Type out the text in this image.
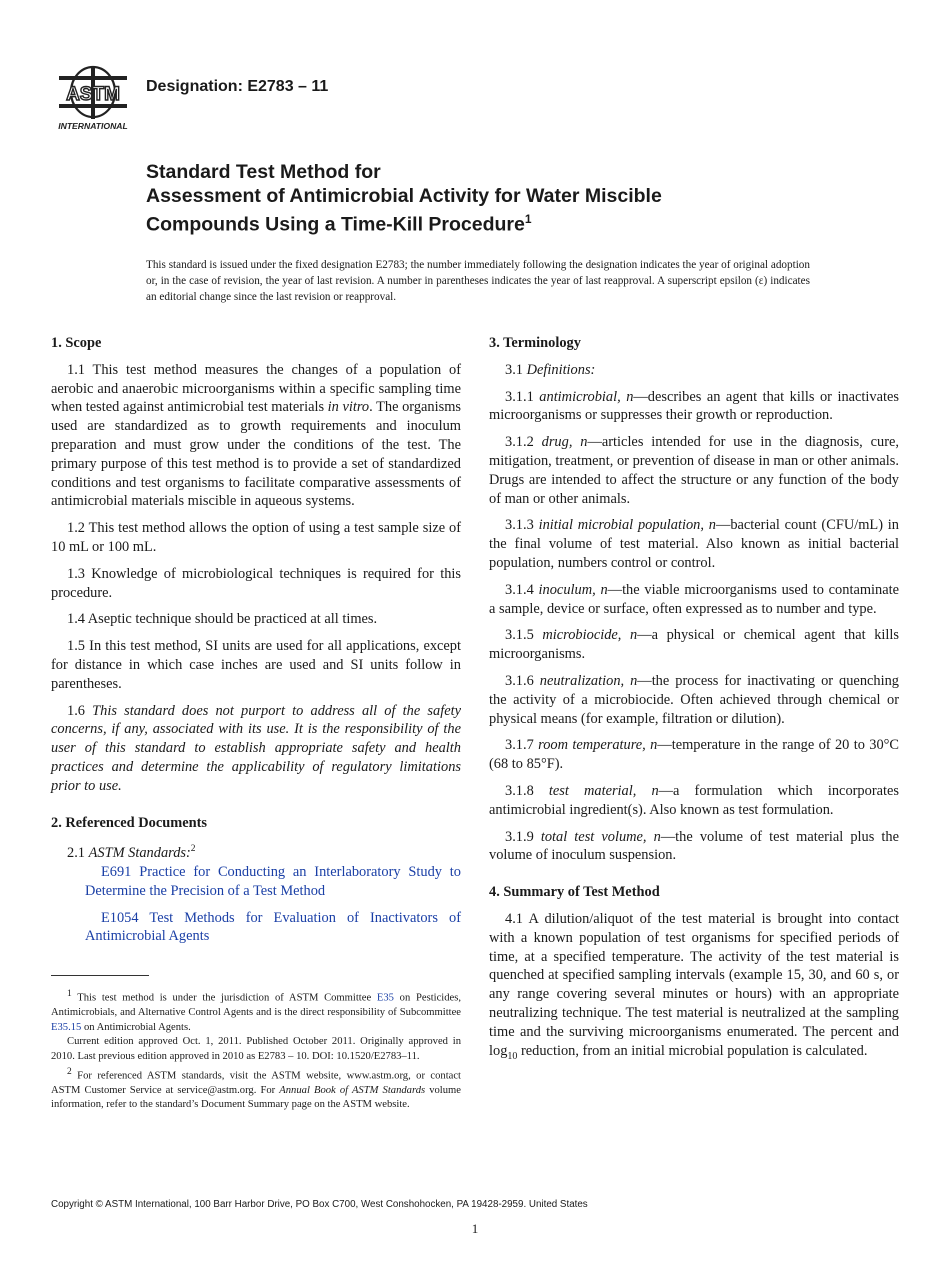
ASTM
INTERNATIONAL
Designation: E2783 – 11
Standard Test Method for
Assessment of Antimicrobial Activity for Water Miscible
Compounds Using a Time-Kill Procedure$^1$
This standard is issued under the fixed designation E2783; the number immediately following the designation indicates the year of original adoption or, in the case of revision, the year of last revision. A number in parentheses indicates the year of last reapproval. A superscript epsilon (ε) indicates an editorial change since the last revision or reapproval.
1. Scope

1.1 This test method measures the changes of a population of aerobic and anaerobic microorganisms within a specific sampling time when tested against antimicrobial test materials in vitro. The organisms used are standardized as to growth requirements and inoculum preparation and must grow under the conditions of the test. The primary purpose of this test method is to provide a set of standardized conditions and test organisms to facilitate comparative assessments of antimicrobial materials miscible in aqueous systems.

1.2 This test method allows the option of using a test sample size of 10 mL or 100 mL.

1.3 Knowledge of microbiological techniques is required for this procedure.

1.4 Aseptic technique should be practiced at all times.

1.5 In this test method, SI units are used for all applications, except for distance in which case inches are used and SI units follow in parentheses.

1.6 This standard does not purport to address all of the safety concerns, if any, associated with its use. It is the responsibility of the user of this standard to establish appropriate safety and health practices and determine the applicability of regulatory limitations prior to use.

2. Referenced Documents

2.1 ASTM Standards:$^2$

E691 Practice for Conducting an Interlaboratory Study to Determine the Precision of a Test Method

E1054 Test Methods for Evaluation of Inactivators of Antimicrobial Agents

3. Terminology

3.1 Definitions:

3.1.1 antimicrobial, n—describes an agent that kills or inactivates microorganisms or suppresses their growth or reproduction.

3.1.2 drug, n—articles intended for use in the diagnosis, cure, mitigation, treatment, or prevention of disease in man or other animals. Drugs are intended to affect the structure or any function of the body of man or other animals.

3.1.3 initial microbial population, n—bacterial count (CFU/mL) in the final volume of test material. Also known as initial bacterial population, numbers control or control.

3.1.4 inoculum, n—the viable microorganisms used to contaminate a sample, device or surface, often expressed as to number and type.

3.1.5 microbiocide, n—a physical or chemical agent that kills microorganisms.

3.1.6 neutralization, n—the process for inactivating or quenching the activity of a microbiocide. Often achieved through chemical or physical means (for example, filtration or dilution).

3.1.7 room temperature, n—temperature in the range of 20 to 30°C (68 to 85°F).

3.1.8 test material, n—a formulation which incorporates antimicrobial ingredient(s). Also known as test formulation.

3.1.9 total test volume, n—the volume of test material plus the volume of inoculum suspension.

4. Summary of Test Method

4.1 A dilution/aliquot of the test material is brought into contact with a known population of test organisms for specified periods of time, at a specified temperature. The activity of the test material is quenched at specified sampling intervals (example 15, 30, and 60 s, or any range covering several minutes or hours) with an appropriate neutralizing technique. The test material is neutralized at the sampling time and the surviving microorganisms enumerated. The percent and $\log_{10}$ reduction, from an initial microbial population is calculated.

1 This test method is under the jurisdiction of ASTM Committee E35 on Pesticides, Antimicrobials, and Alternative Control Agents and is the direct responsibility of Subcommittee E35.15 on Antimicrobial Agents.

Current edition approved Oct. 1, 2011. Published October 2011. Originally approved in 2010. Last previous edition approved in 2010 as E2783 – 10. DOI: 10.1520/E2783–11.

2 For referenced ASTM standards, visit the ASTM website, www.astm.org, or contact ASTM Customer Service at service@astm.org. For Annual Book of ASTM Standards volume information, refer to the standard’s Document Summary page on the ASTM website.

Copyright © ASTM International, 100 Barr Harbor Drive, PO Box C700, West Conshohocken, PA 19428-2959. United States
1
